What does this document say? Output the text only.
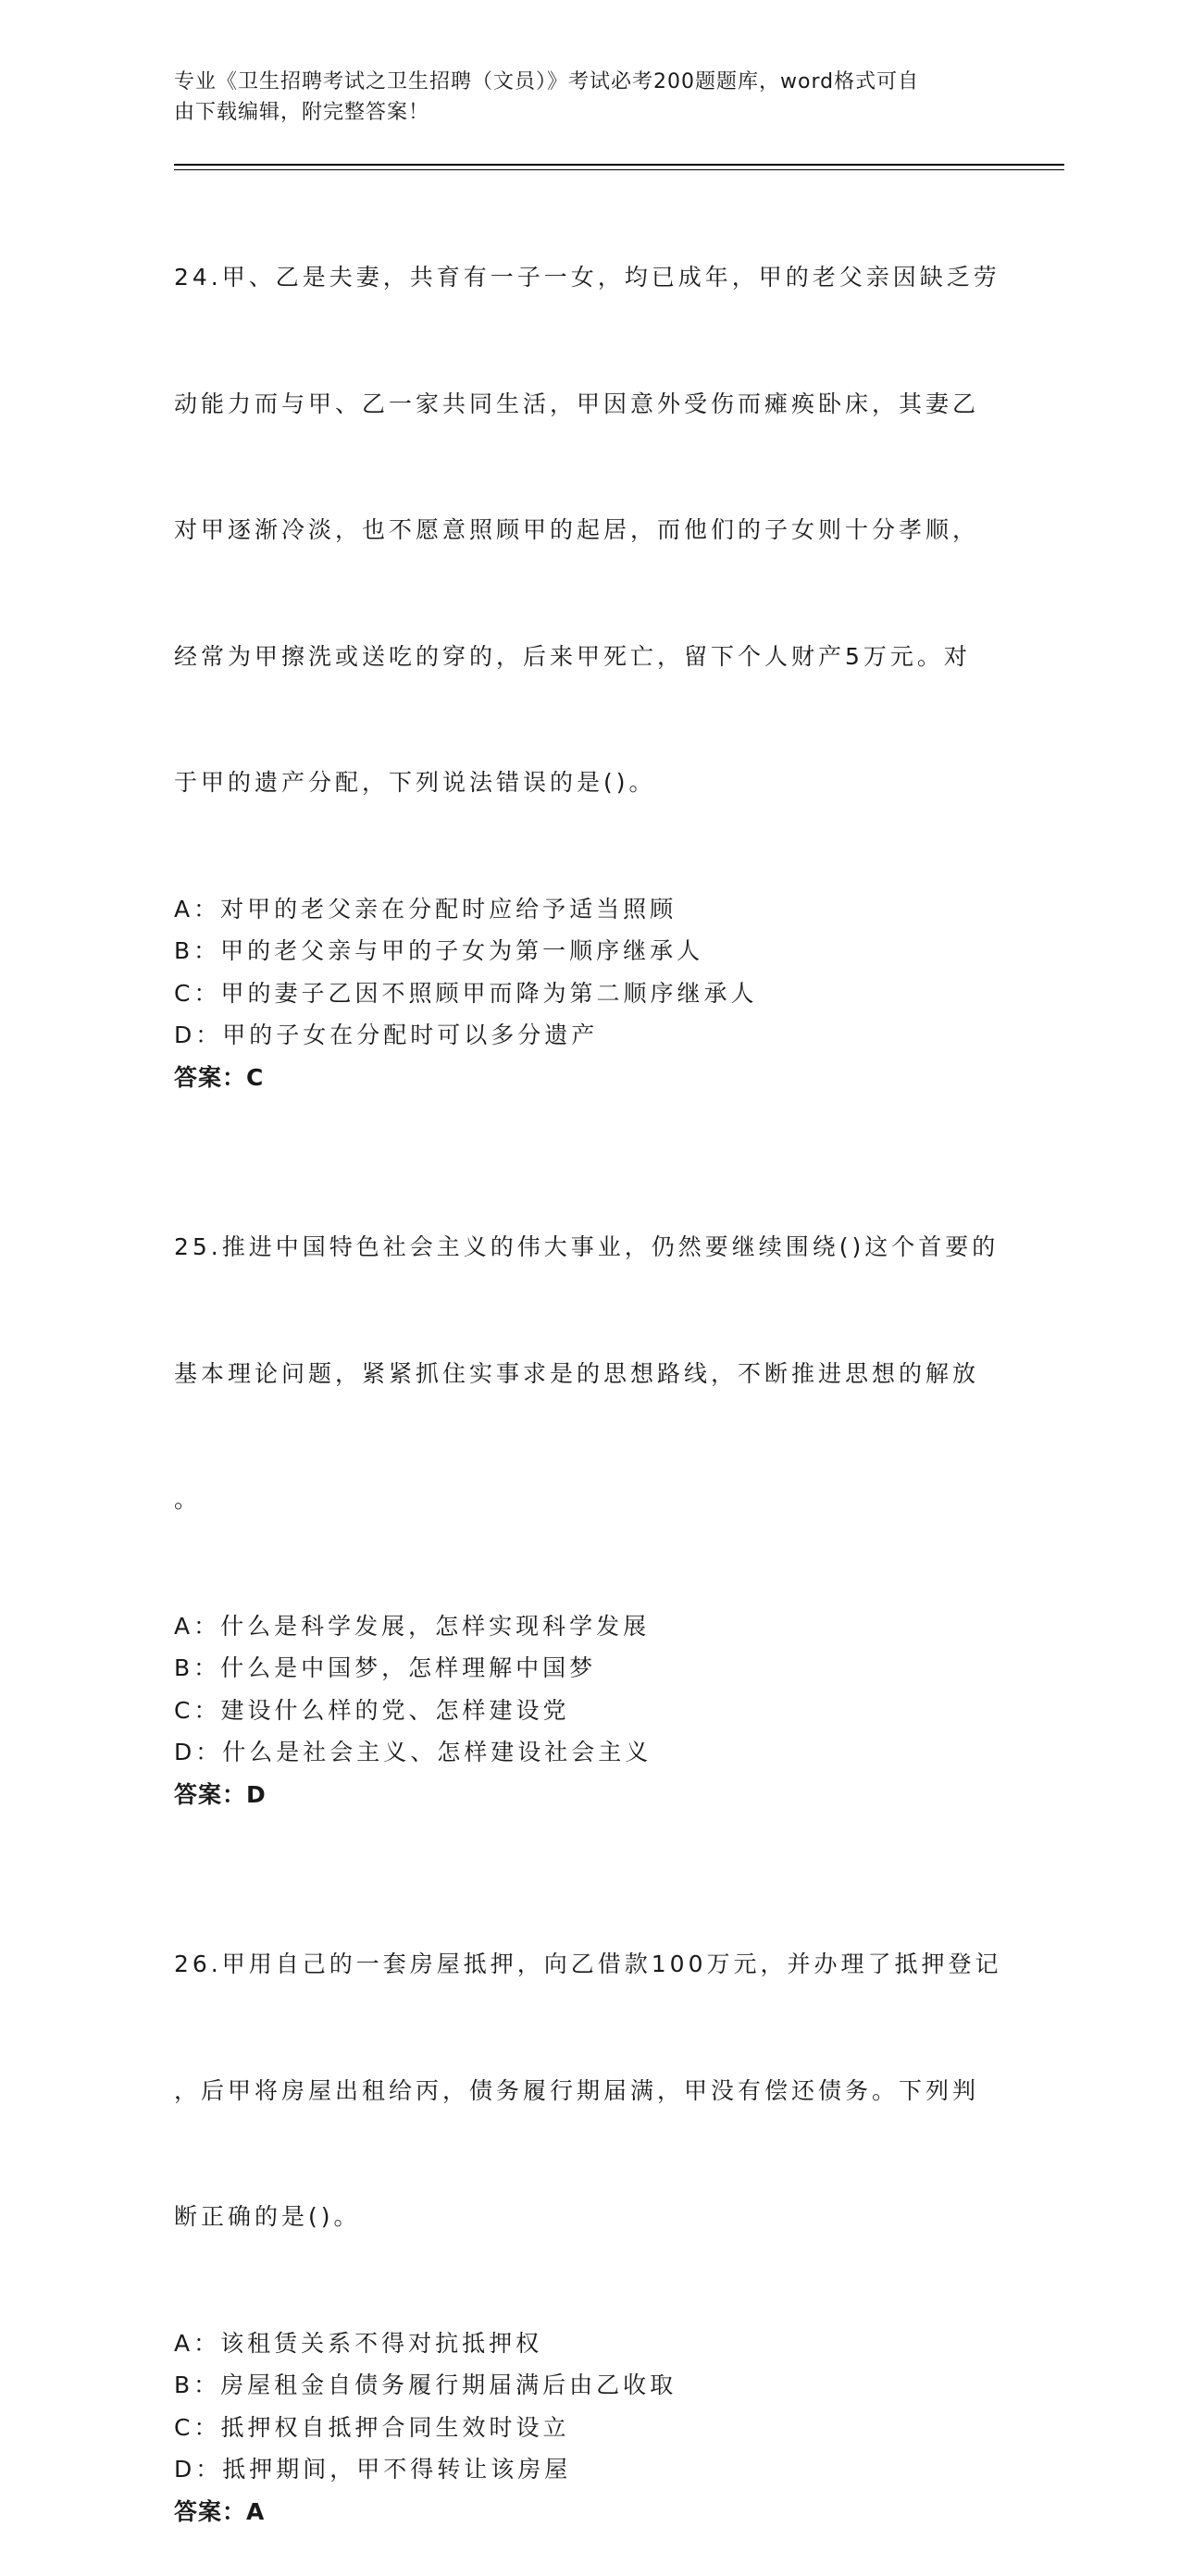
专业《卫生招聘考试之卫生招聘（文员）》考试必考200题题库，word格式可自
由下载编辑，附完整答案！

24.甲、乙是夫妻，共育有一子一女，均已成年，甲的老父亲因缺乏劳

动能力而与甲、乙一家共同生活，甲因意外受伤而瘫痪卧床，其妻乙

对甲逐渐冷淡，也不愿意照顾甲的起居，而他们的子女则十分孝顺，

经常为甲擦洗或送吃的穿的，后来甲死亡，留下个人财产5万元。对

于甲的遗产分配，下列说法错误的是()。

A：对甲的老父亲在分配时应给予适当照顾
B：甲的老父亲与甲的子女为第一顺序继承人
C：甲的妻子乙因不照顾甲而降为第二顺序继承人
D：甲的子女在分配时可以多分遗产
答案：C

25.推进中国特色社会主义的伟大事业，仍然要继续围绕()这个首要的

基本理论问题，紧紧抓住实事求是的思想路线，不断推进思想的解放

。

A：什么是科学发展，怎样实现科学发展
B：什么是中国梦，怎样理解中国梦
C：建设什么样的党、怎样建设党
D：什么是社会主义、怎样建设社会主义
答案：D

26.甲用自己的一套房屋抵押，向乙借款100万元，并办理了抵押登记

，后甲将房屋出租给丙，债务履行期届满，甲没有偿还债务。下列判

断正确的是()。

A：该租赁关系不得对抗抵押权
B：房屋租金自债务履行期届满后由乙收取
C：抵押权自抵押合同生效时设立
D：抵押期间，甲不得转让该房屋
答案：A
